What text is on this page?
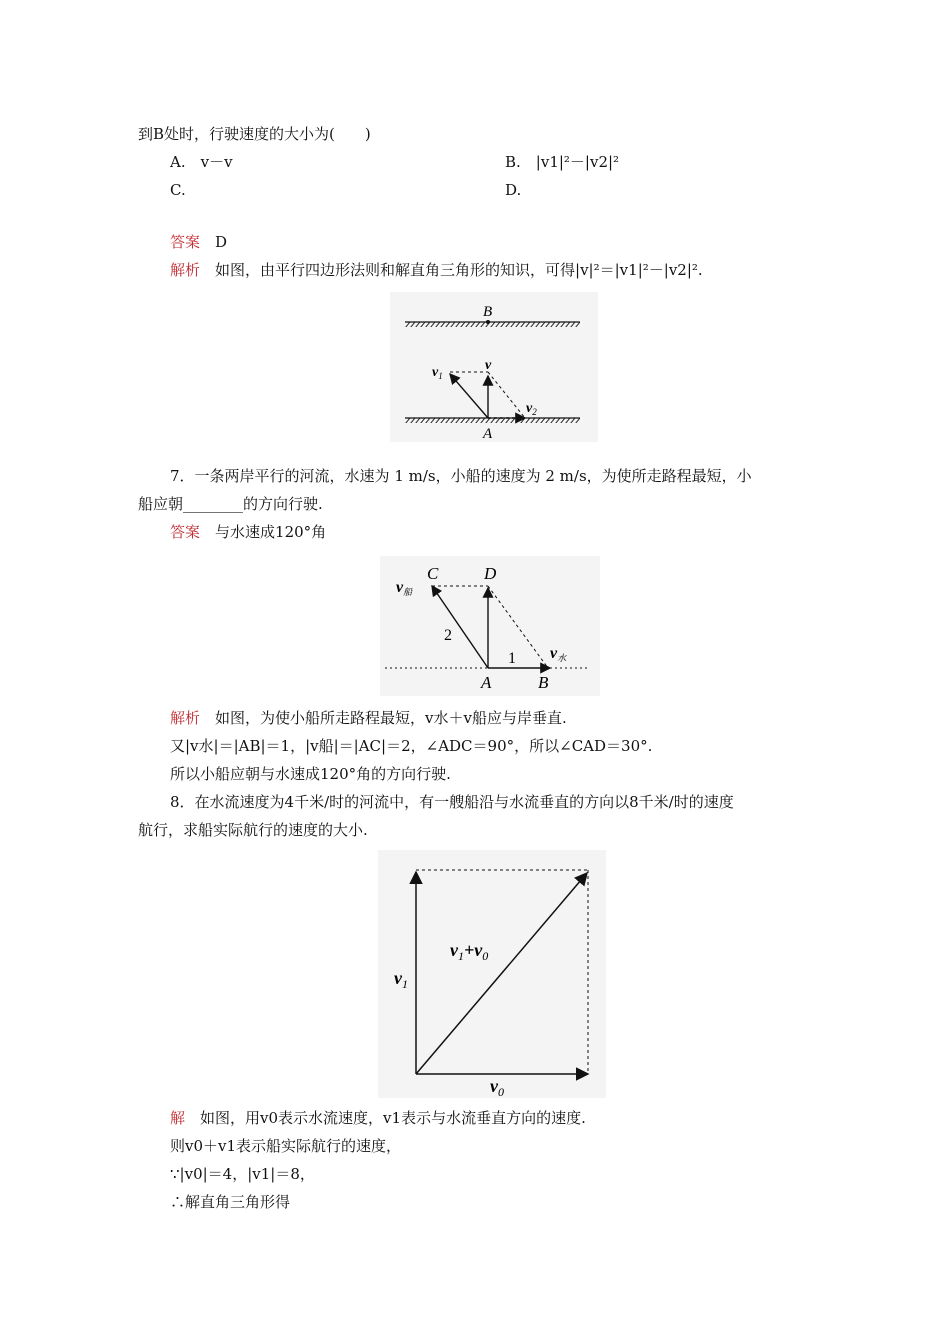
到B处时，行驶速度的大小为(　　)
A.　v－v	B.　|v1|²－|v2|²
C.	D.
答案　 D
解析　 如图，由平行四边形法则和解直角三角形的知识，可得|v|²＝|v1|²－|v2|².
B
A
v
$v_1$
$v_2$
7．一条两岸平行的河流，水速为 1 m/s，小船的速度为 2 m/s，为使所走路程最短，小
船应朝________的方向行驶.
答案　 与水速成120°角
C	D
A	B
2
1
v船
v水
解析　 如图，为使小船所走路程最短，v水＋v船应与岸垂直.
又|v水|＝|AB|＝1，|v船|＝|AC|＝2，∠ADC＝90°，所以∠CAD＝30°.
所以小船应朝与水速成120°角的方向行驶.
8．在水流速度为4千米/时的河流中，有一艘船沿与水流垂直的方向以8千米/时的速度
航行，求船实际航行的速度的大小.
$v_1$
$v_1+v_0$
$v_0$
解　 如图，用v0表示水流速度，v1表示与水流垂直方向的速度.
则v0＋v1表示船实际航行的速度，
∵|v0|＝4，|v1|＝8，
∴解直角三角形得
